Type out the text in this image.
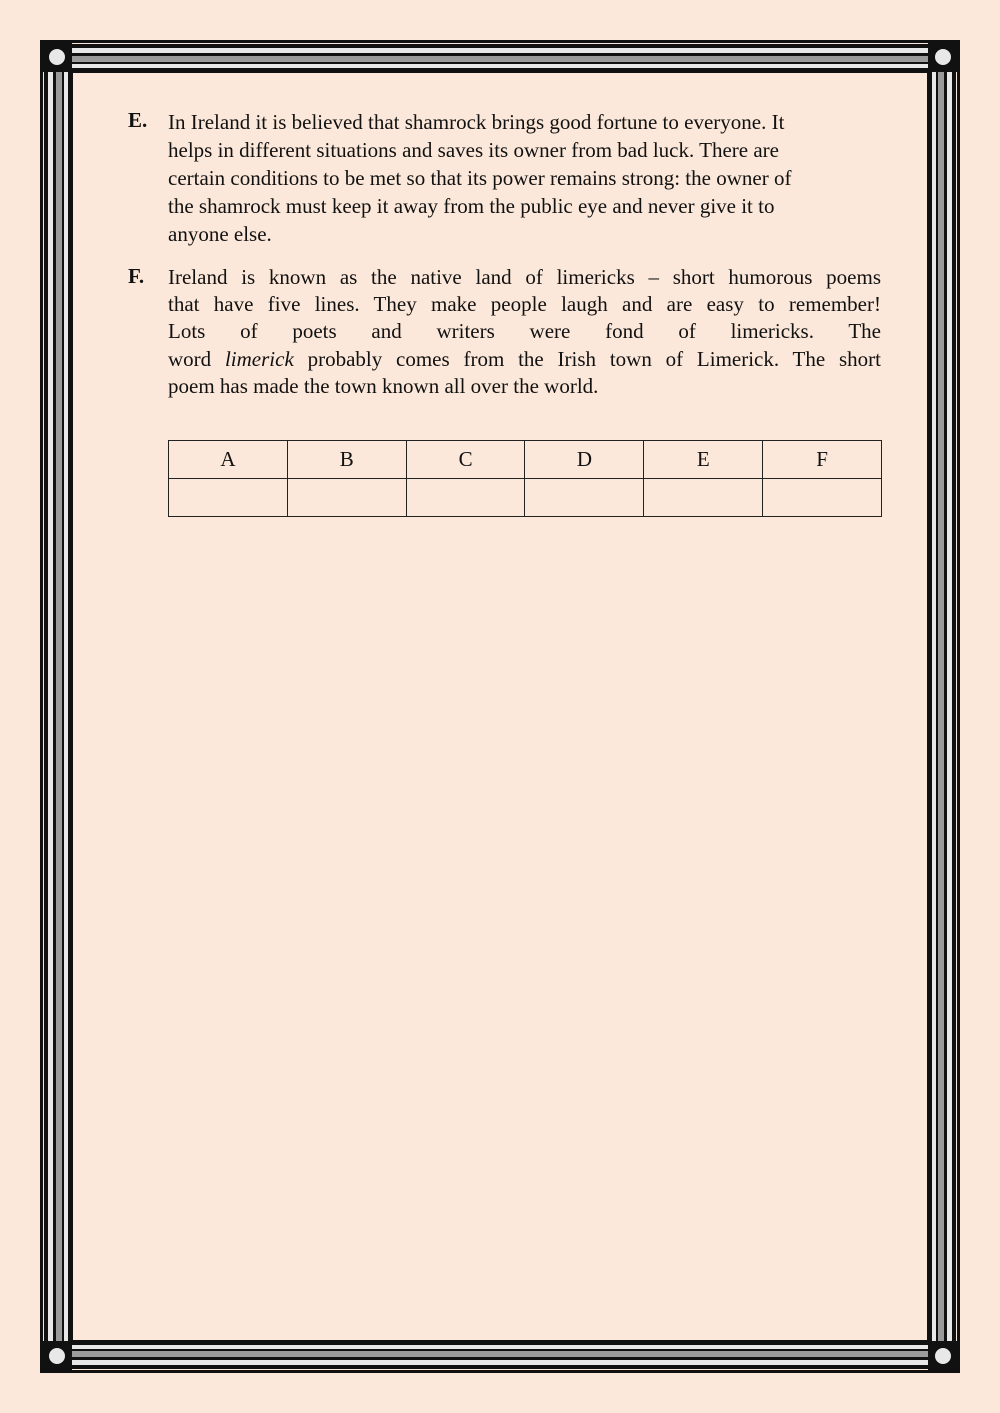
E. In Ireland it is believed that shamrock brings good fortune to everyone. It
helps in different situations and saves its owner from bad luck. There are
certain conditions to be met so that its power remains strong: the owner of
the shamrock must keep it away from the public eye and never give it to
anyone else.
F.	Ireland is known as the native land of limericks – short humorous poems
that have five lines. They make people laugh and are easy to remember!
Lots of poets and writers were fond of limericks. The
word limerick probably comes from the Irish town of Limerick. The short
poem has made the town known all over the world.
A	B	C	D	E	F
